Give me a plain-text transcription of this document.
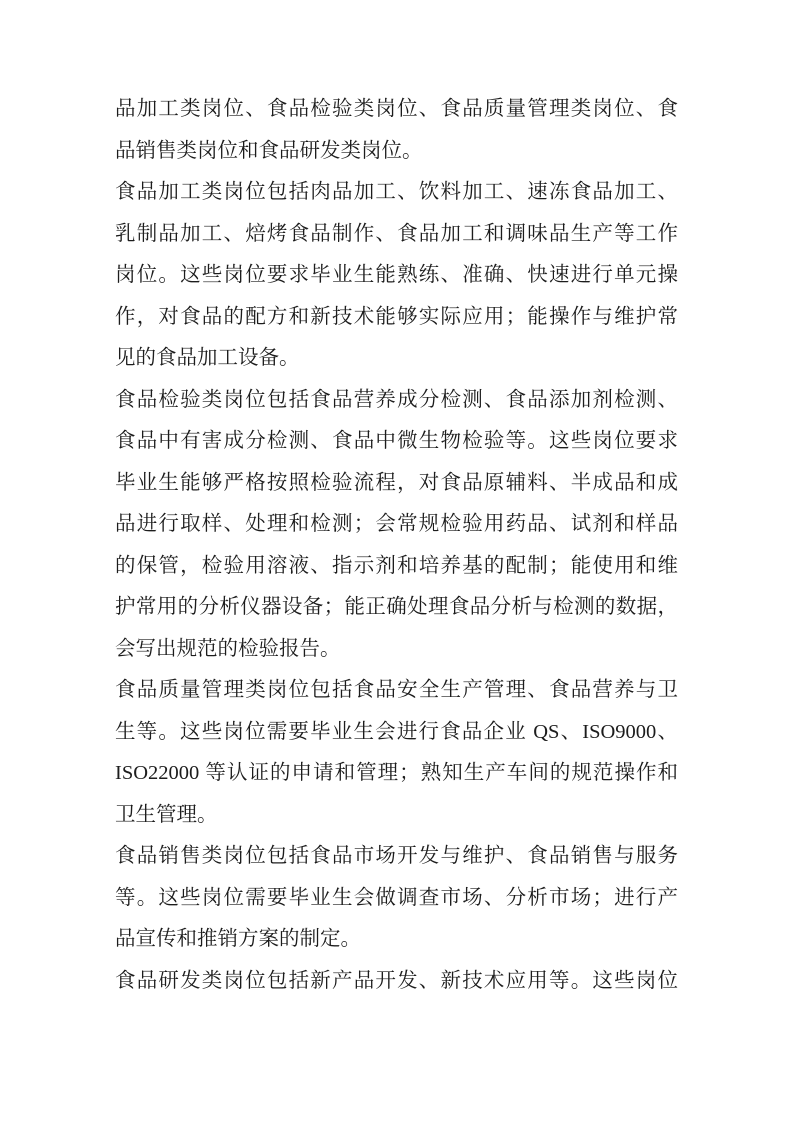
品加工类岗位、食品检验类岗位、食品质量管理类岗位、食
品销售类岗位和食品研发类岗位。
食品加工类岗位包括肉品加工、饮料加工、速冻食品加工、
乳制品加工、焙烤食品制作、食品加工和调味品生产等工作
岗位。这些岗位要求毕业生能熟练、准确、快速进行单元操
作，对食品的配方和新技术能够实际应用；能操作与维护常
见的食品加工设备。
食品检验类岗位包括食品营养成分检测、食品添加剂检测、
食品中有害成分检测、食品中微生物检验等。这些岗位要求
毕业生能够严格按照检验流程，对食品原辅料、半成品和成
品进行取样、处理和检测；会常规检验用药品、试剂和样品
的保管，检验用溶液、指示剂和培养基的配制；能使用和维
护常用的分析仪器设备；能正确处理食品分析与检测的数据，
会写出规范的检验报告。
食品质量管理类岗位包括食品安全生产管理、食品营养与卫
生等。这些岗位需要毕业生会进行食品企业 QS、ISO9000、
ISO22000 等认证的申请和管理；熟知生产车间的规范操作和
卫生管理。
食品销售类岗位包括食品市场开发与维护、食品销售与服务
等。这些岗位需要毕业生会做调查市场、分析市场；进行产
品宣传和推销方案的制定。
食品研发类岗位包括新产品开发、新技术应用等。这些岗位
